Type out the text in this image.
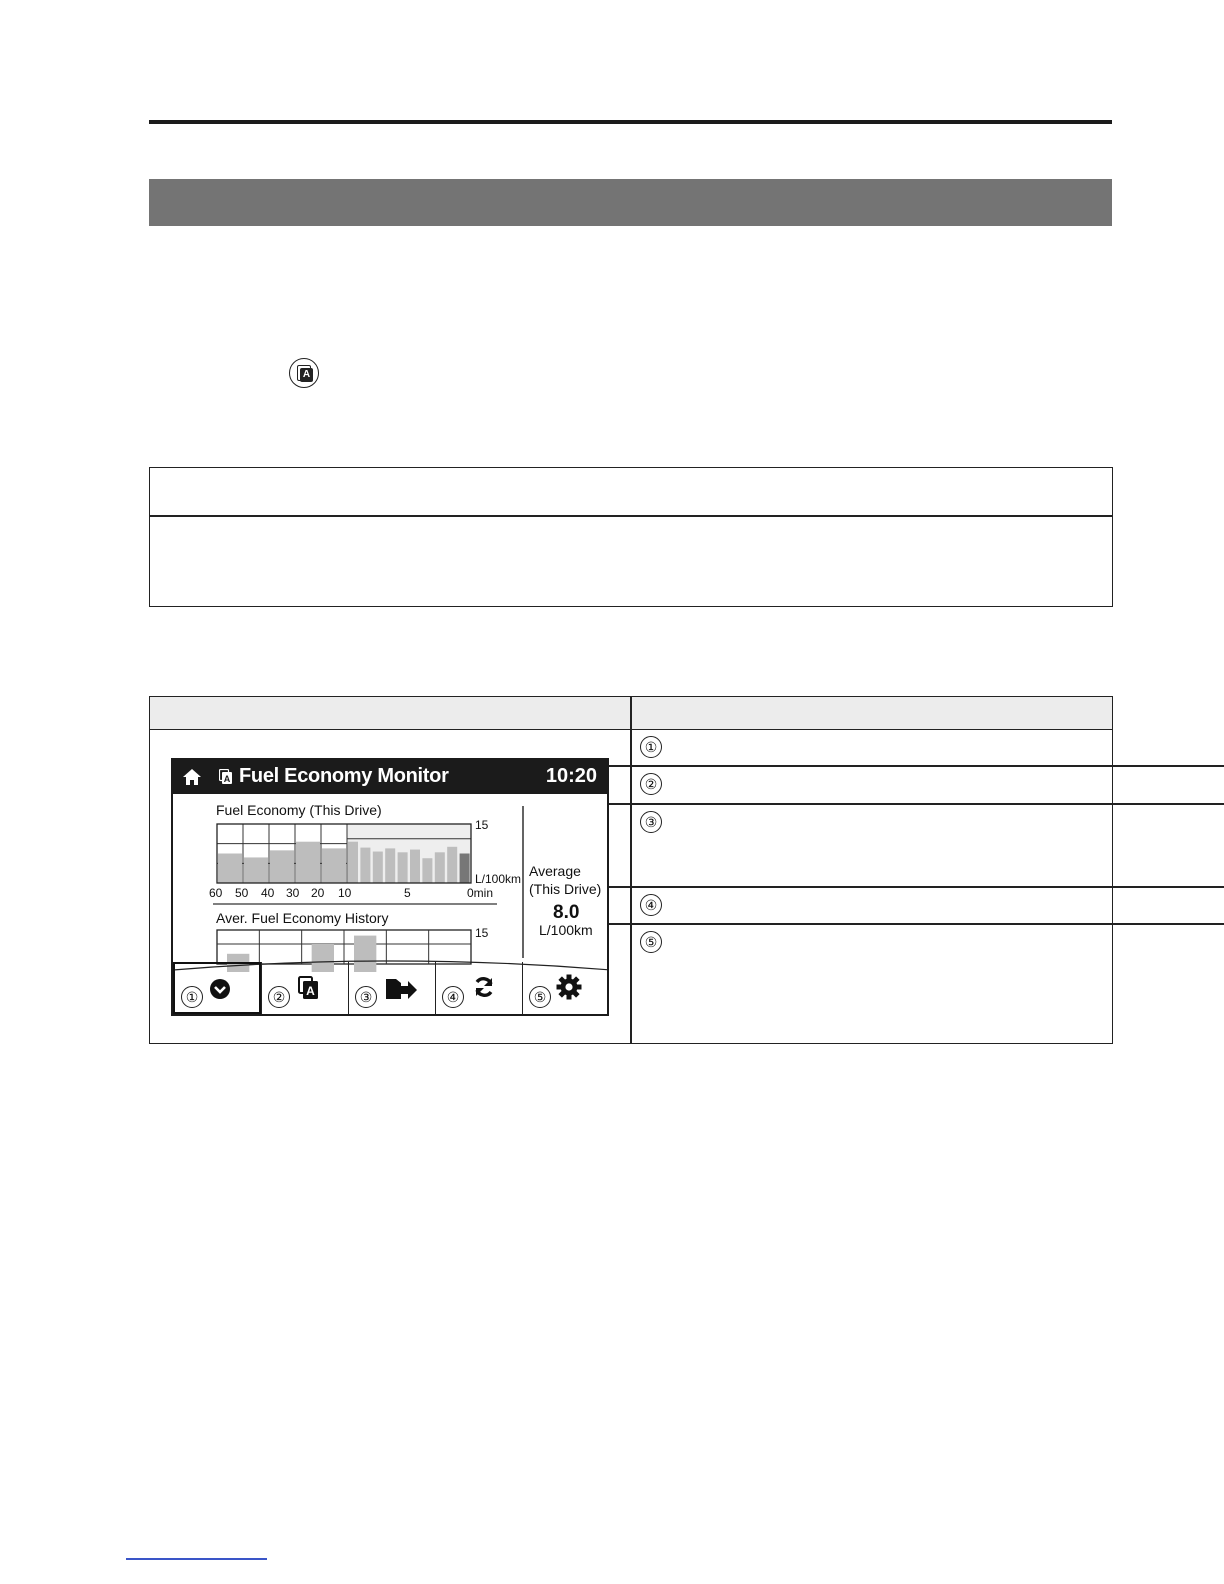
A
①
②
③
④
⑤
A Fuel Economy Monitor	10:20
Fuel Economy (This Drive)
15
L/100km
60 50 40 30 20 10	5	0min
Aver. Fuel Economy History
15
Average
(This Drive)
8.0
L/100km
①	②	A	③	④	⑤
